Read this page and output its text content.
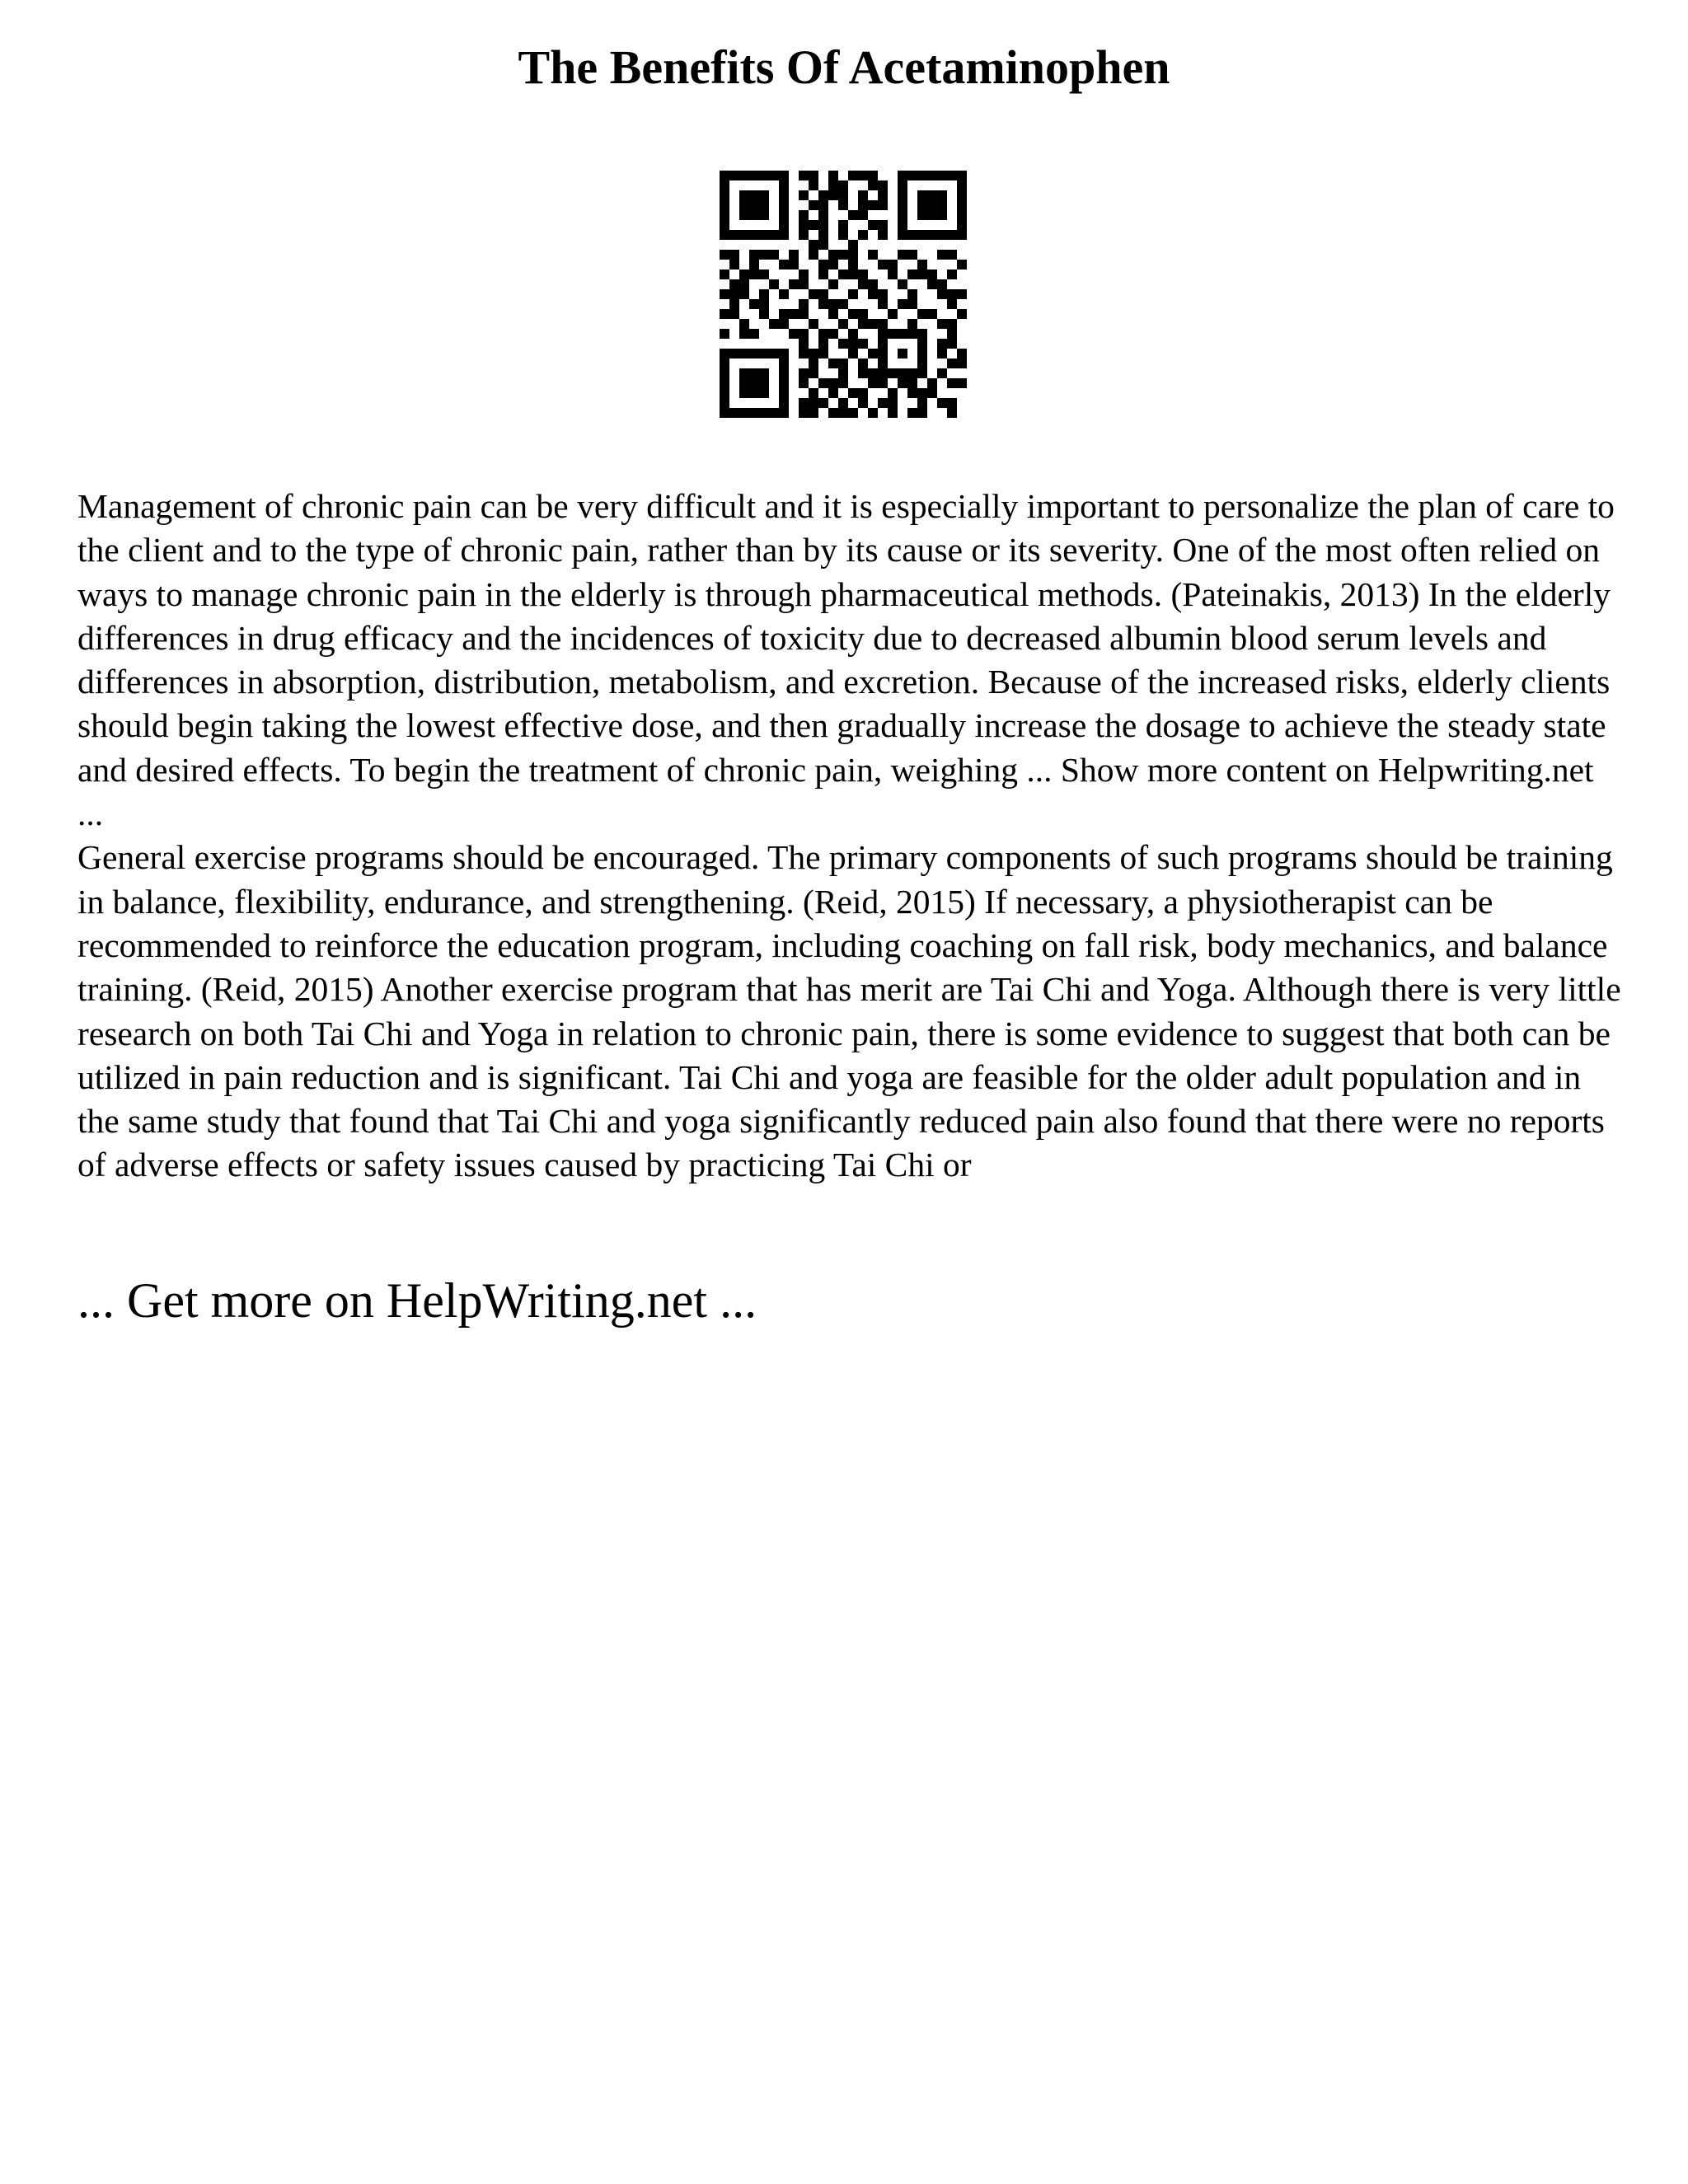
The Benefits Of Acetaminophen

Management of chronic pain can be very difficult and it is especially important to personalize the plan of care to the client and to the type of chronic pain, rather than by its cause or its severity. One of the most often relied on ways to manage chronic pain in the elderly is through pharmaceutical methods. (Pateinakis, 2013) In the elderly differences in drug efficacy and the incidences of toxicity due to decreased albumin blood serum levels and differences in absorption, distribution, metabolism, and excretion. Because of the increased risks, elderly clients should begin taking the lowest effective dose, and then gradually increase the dosage to achieve the steady state and desired effects. To begin the treatment of chronic pain, weighing ... Show more content on Helpwriting.net ...

General exercise programs should be encouraged. The primary components of such programs should be training in balance, flexibility, endurance, and strengthening. (Reid, 2015) If necessary, a physiotherapist can be recommended to reinforce the education program, including coaching on fall risk, body mechanics, and balance training. (Reid, 2015) Another exercise program that has merit are Tai Chi and Yoga. Although there is very little research on both Tai Chi and Yoga in relation to chronic pain, there is some evidence to suggest that both can be utilized in pain reduction and is significant. Tai Chi and yoga are feasible for the older adult population and in the same study that found that Tai Chi and yoga significantly reduced pain also found that there were no reports of adverse effects or safety issues caused by practicing Tai Chi or

... Get more on HelpWriting.net ...
